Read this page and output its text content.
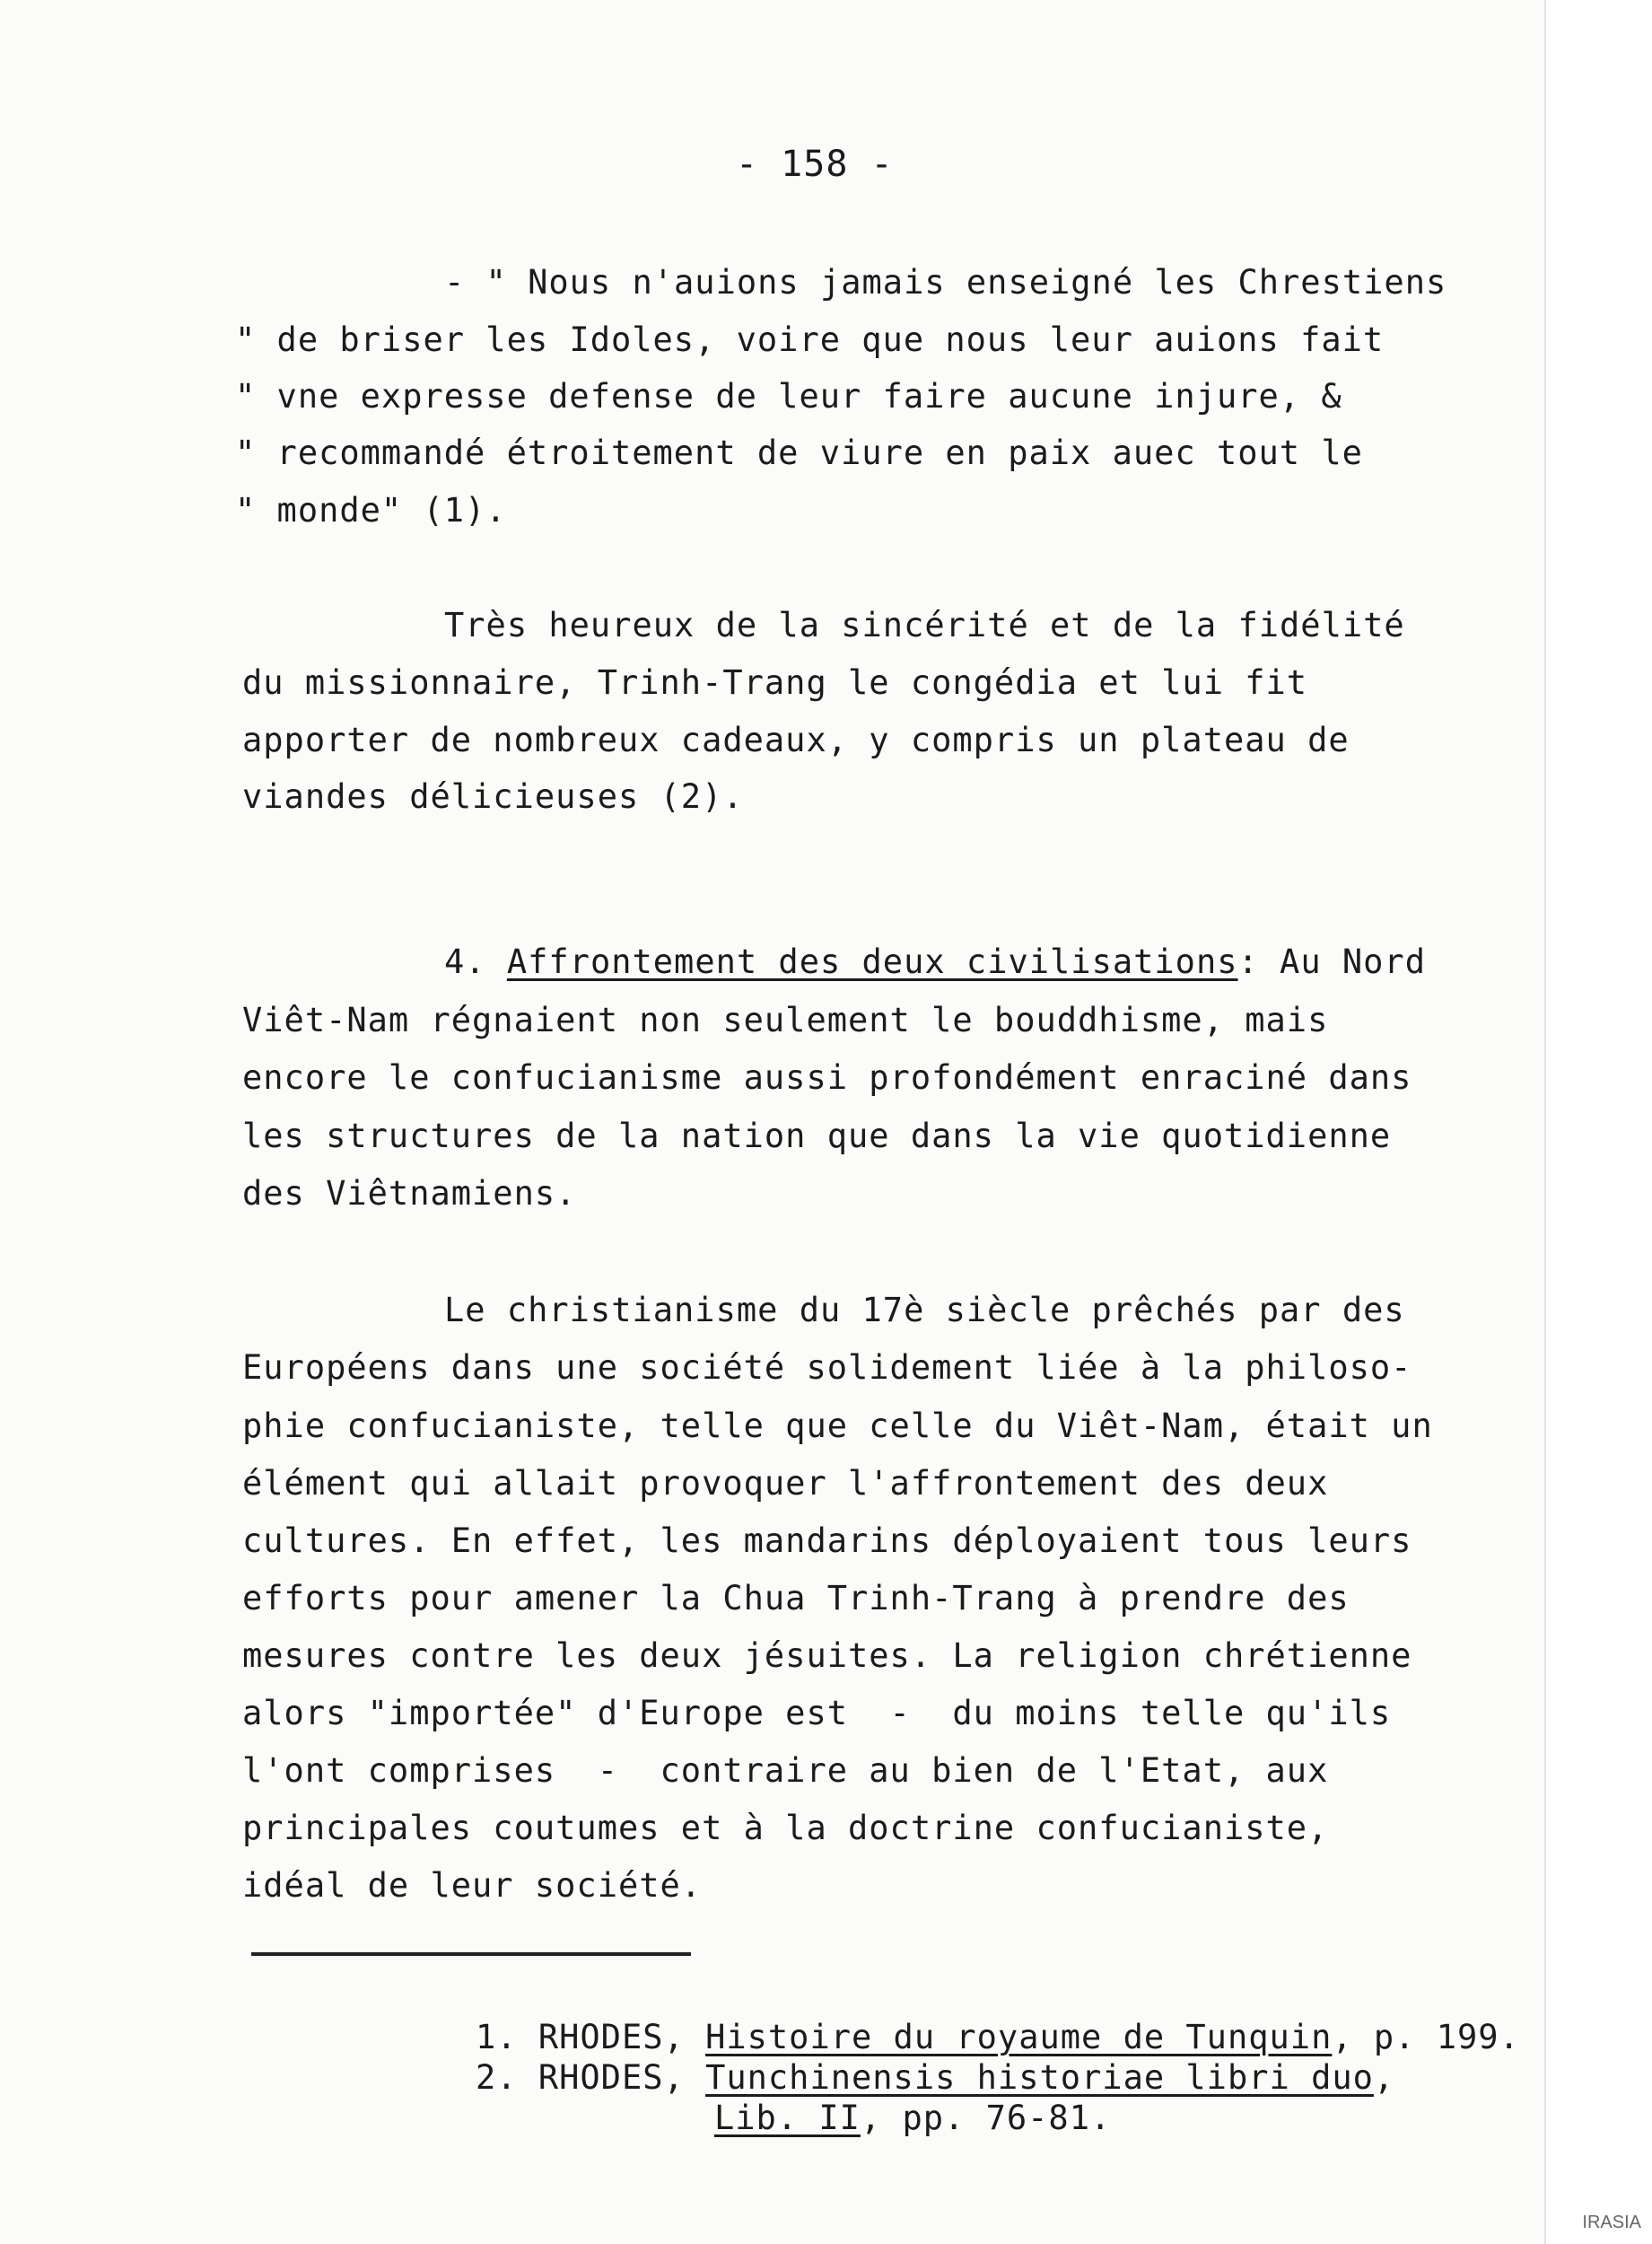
- 158 -
- " Nous n'auions jamais enseigné les Chrestiens
" de briser les Idoles, voire que nous leur auions fait
" vne expresse defense de leur faire aucune injure, &
" recommandé étroitement de viure en paix auec tout le
" monde" (1).
Très heureux de la sincérité et de la fidélité
du missionnaire, Trinh-Trang le congédia et lui fit
apporter de nombreux cadeaux, y compris un plateau de
viandes délicieuses (2).
4. Affrontement des deux civilisations: Au Nord
Viêt-Nam régnaient non seulement le bouddhisme, mais
encore le confucianisme aussi profondément enraciné dans
les structures de la nation que dans la vie quotidienne
des Viêtnamiens.
Le christianisme du 17è siècle prêchés par des
Européens dans une société solidement liée à la philoso-
phie confucianiste, telle que celle du Viêt-Nam, était un
élément qui allait provoquer l'affrontement des deux
cultures. En effet, les mandarins déployaient tous leurs
efforts pour amener la Chua Trinh-Trang à prendre des
mesures contre les deux jésuites. La religion chrétienne
alors "importée" d'Europe est  -  du moins telle qu'ils
l'ont comprises  -  contraire au bien de l'Etat, aux
principales coutumes et à la doctrine confucianiste,
idéal de leur société.
1. RHODES, Histoire du royaume de Tunquin, p. 199.
2. RHODES, Tunchinensis historiae libri duo,
Lib. II, pp. 76-81.
IRASIA
